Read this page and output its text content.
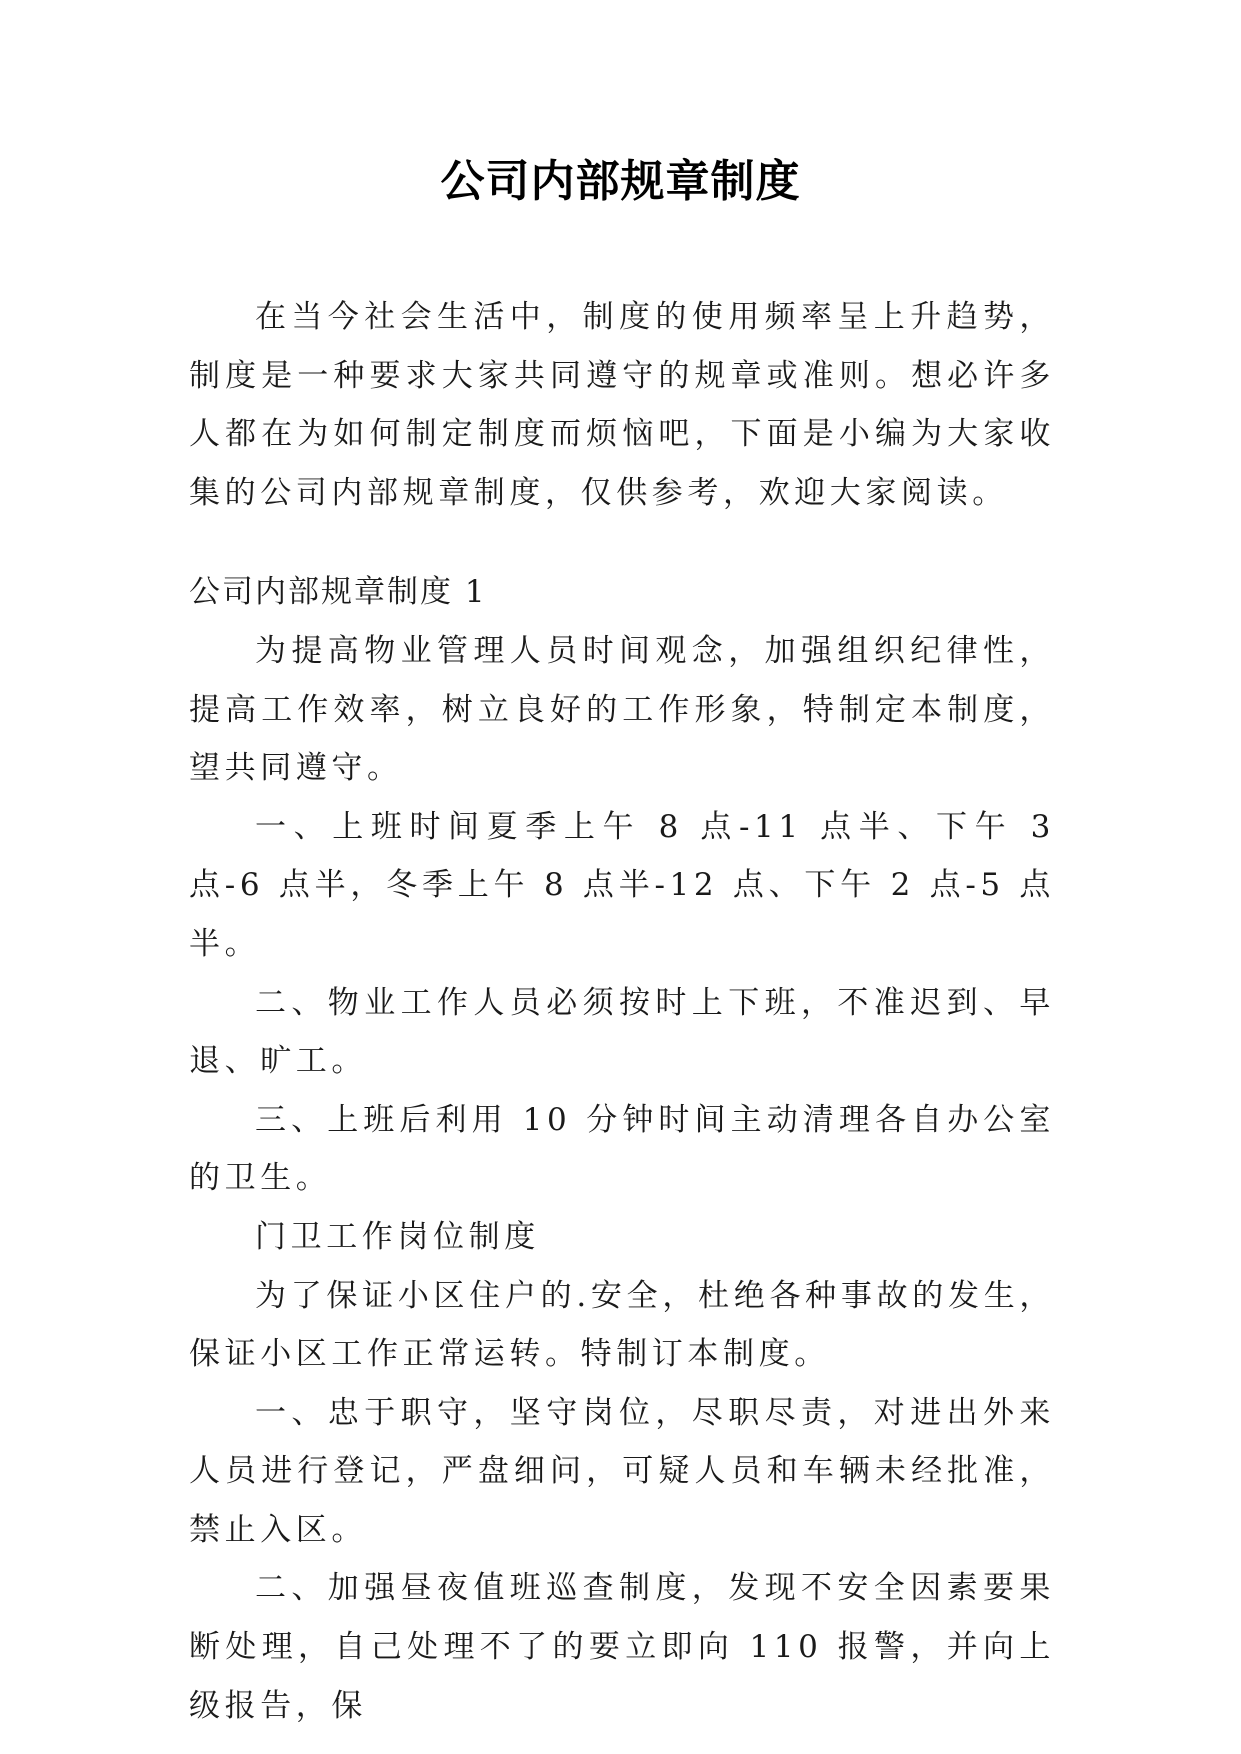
公司内部规章制度

在当今社会生活中，制度的使用频率呈上升趋势，制度是一种要求大家共同遵守的规章或准则。想必许多人都在为如何制定制度而烦恼吧，下面是小编为大家收集的公司内部规章制度，仅供参考，欢迎大家阅读。

公司内部规章制度 1

为提高物业管理人员时间观念，加强组织纪律性，提高工作效率，树立良好的工作形象，特制定本制度，望共同遵守。

一、上班时间夏季上午 8 点-11 点半、下午 3 点-6 点半，冬季上午 8 点半-12 点、下午 2 点-5 点半。

二、物业工作人员必须按时上下班，不准迟到、早退、旷工。

三、上班后利用 10 分钟时间主动清理各自办公室的卫生。

门卫工作岗位制度

为了保证小区住户的.安全，杜绝各种事故的发生，保证小区工作正常运转。特制订本制度。

一、忠于职守，坚守岗位，尽职尽责，对进出外来人员进行登记，严盘细问，可疑人员和车辆未经批准，禁止入区。

二、加强昼夜值班巡查制度，发现不安全因素要果断处理，自己处理不了的要立即向 110 报警，并向上级报告，保
